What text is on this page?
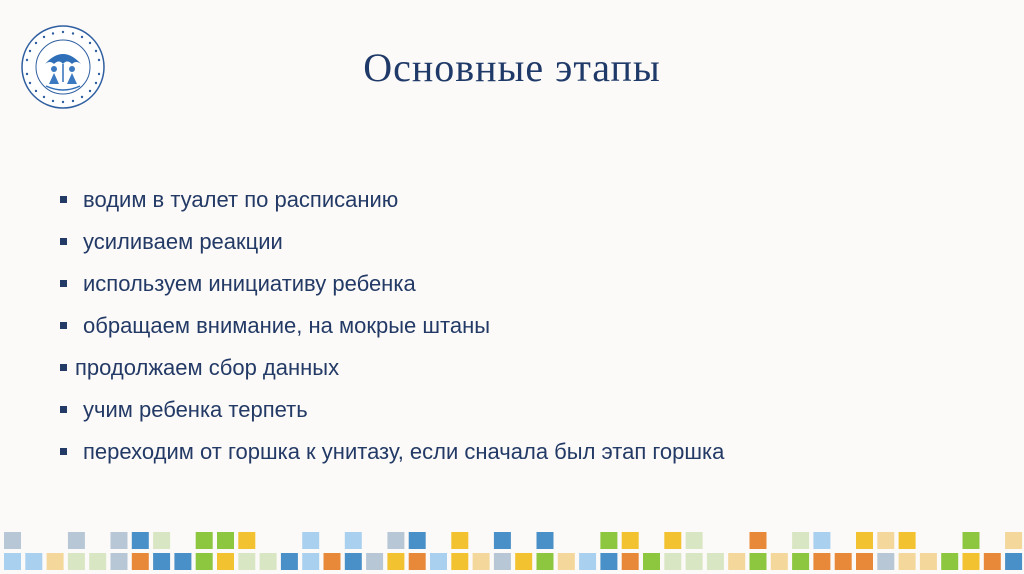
Основные этапы
водим в туалет по расписанию
усиливаем реакции
используем инициативу ребенка
обращаем внимание, на мокрые штаны
продолжаем сбор данных
учим ребенка терпеть
переходим от горшка к унитазу, если сначала был этап горшка
